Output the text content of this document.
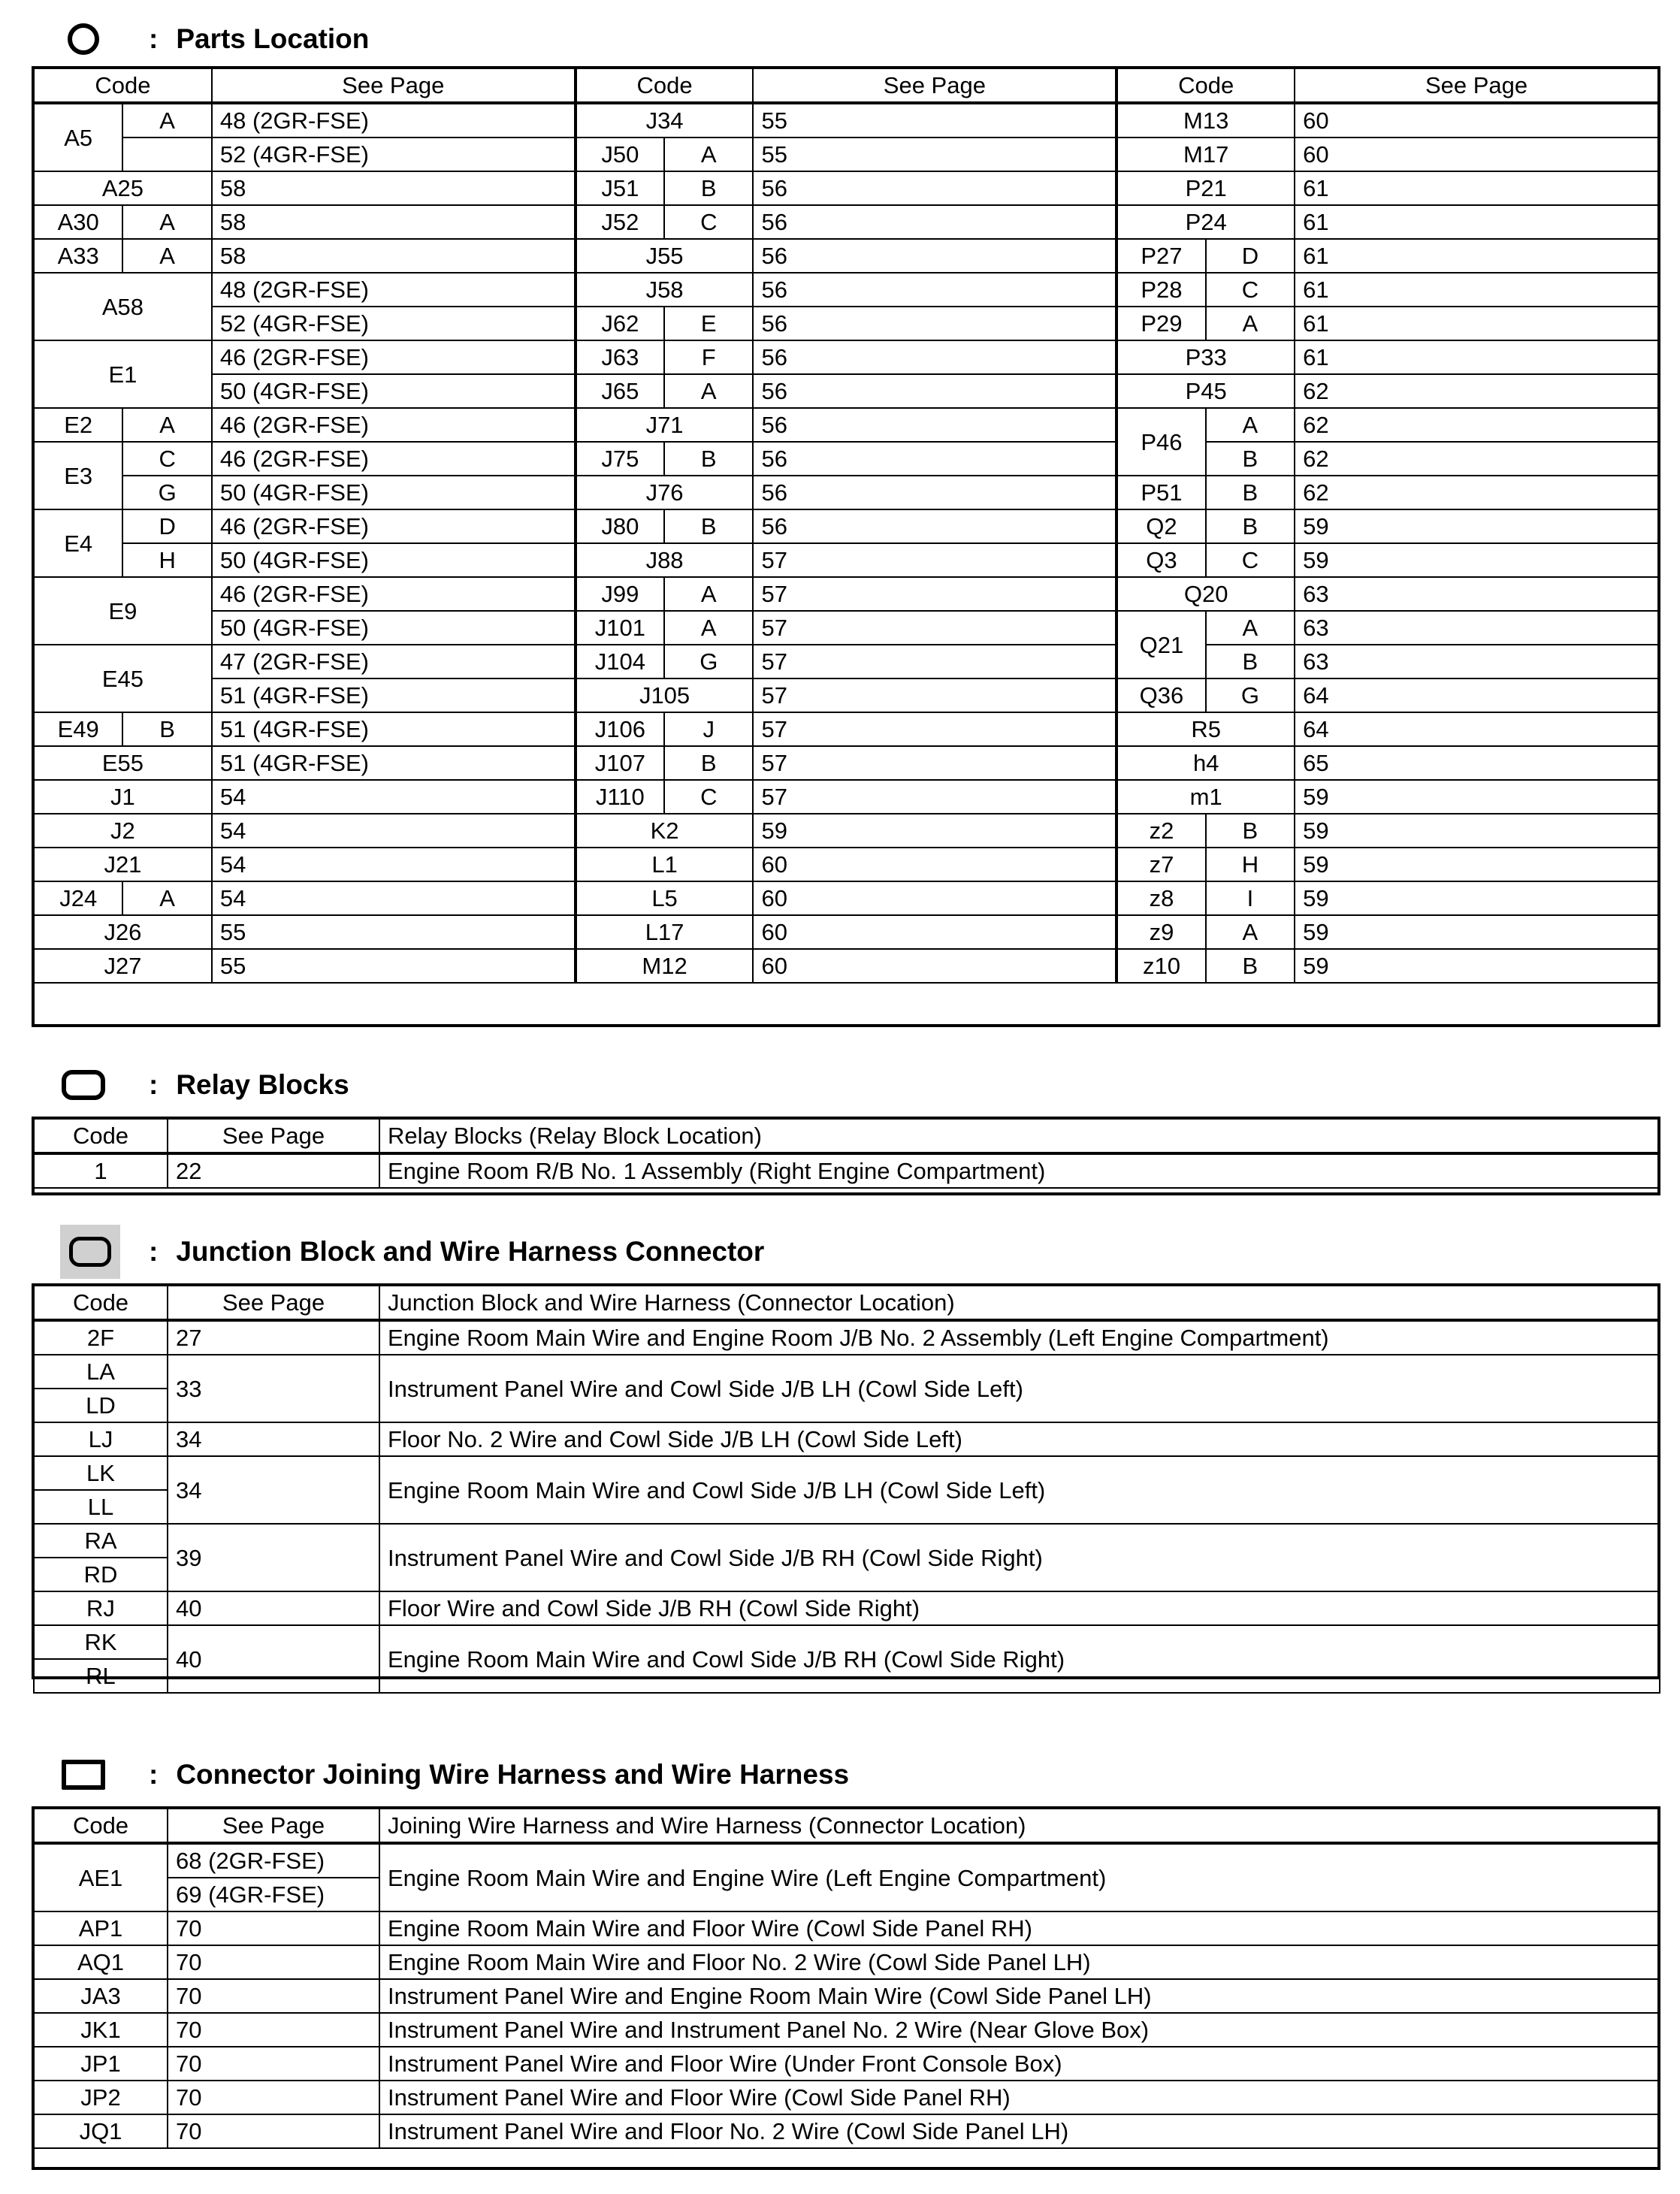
: Parts Location
Code		See Page	Code		See Page	Code		See Page
A5	A	48 (2GR-FSE)	J34		55	M13		60
		52 (4GR-FSE)	J50	A	55	M17		60
A25		58	J51	B	56	P21		61
A30	A	58	J52	C	56	P24		61
A33	A	58	J55		56	P27	D	61
A58		48 (2GR-FSE)	J58		56	P28	C	61
		52 (4GR-FSE)	J62	E	56	P29	A	61
E1		46 (2GR-FSE)	J63	F	56	P33		61
		50 (4GR-FSE)	J65	A	56	P45		62
E2	A	46 (2GR-FSE)	J71		56	P46	A	62
E3	C	46 (2GR-FSE)	J75	B	56		B	62
	G	50 (4GR-FSE)	J76		56	P51	B	62
E4	D	46 (2GR-FSE)	J80	B	56	Q2	B	59
	H	50 (4GR-FSE)	J88		57	Q3	C	59
E9		46 (2GR-FSE)	J99	A	57	Q20		63
		50 (4GR-FSE)	J101	A	57	Q21	A	63
E45		47 (2GR-FSE)	J104	G	57		B	63
		51 (4GR-FSE)	J105		57	Q36	G	64
E49	B	51 (4GR-FSE)	J106	J	57	R5		64
E55		51 (4GR-FSE)	J107	B	57	h4		65
J1		54	J110	C	57	m1		59
J2		54	K2		59	z2	B	59
J21		54	L1		60	z7	H	59
J24	A	54	L5		60	z8	I	59
J26		55	L17		60	z9	A	59
J27		55	M12		60	z10	B	59
: Relay Blocks
Code	See Page	Relay Blocks (Relay Block Location)
1	22	Engine Room R/B No. 1 Assembly (Right Engine Compartment)
: Junction Block and Wire Harness Connector
Code	See Page	Junction Block and Wire Harness (Connector Location)
2F	27	Engine Room Main Wire and Engine Room J/B No. 2 Assembly (Left Engine Compartment)
LA	33	Instrument Panel Wire and Cowl Side J/B LH (Cowl Side Left)
LD		
LJ	34	Floor No. 2 Wire and Cowl Side J/B LH (Cowl Side Left)
LK	34	Engine Room Main Wire and Cowl Side J/B LH (Cowl Side Left)
LL		
RA	39	Instrument Panel Wire and Cowl Side J/B RH (Cowl Side Right)
RD		
RJ	40	Floor Wire and Cowl Side J/B RH (Cowl Side Right)
RK	40	Engine Room Main Wire and Cowl Side J/B RH (Cowl Side Right)
RL		
: Connector Joining Wire Harness and Wire Harness
Code	See Page	Joining Wire Harness and Wire Harness (Connector Location)
AE1	68 (2GR-FSE)	Engine Room Main Wire and Engine Wire (Left Engine Compartment)
	69 (4GR-FSE)	
AP1	70	Engine Room Main Wire and Floor Wire (Cowl Side Panel RH)
AQ1	70	Engine Room Main Wire and Floor No. 2 Wire (Cowl Side Panel LH)
JA3	70	Instrument Panel Wire and Engine Room Main Wire (Cowl Side Panel LH)
JK1	70	Instrument Panel Wire and Instrument Panel No. 2 Wire (Near Glove Box)
JP1	70	Instrument Panel Wire and Floor Wire (Under Front Console Box)
JP2	70	Instrument Panel Wire and Floor Wire (Cowl Side Panel RH)
JQ1	70	Instrument Panel Wire and Floor No. 2 Wire (Cowl Side Panel LH)
